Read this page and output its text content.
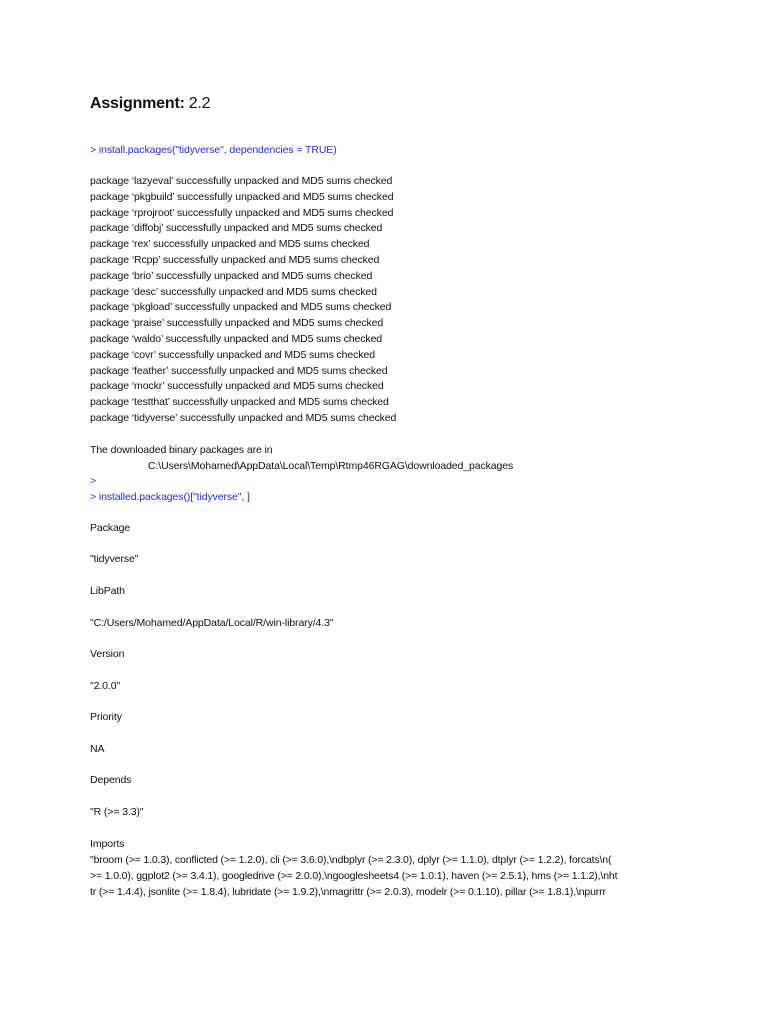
Assignment: 2.2
> install.packages("tidyverse", dependencies = TRUE)
package ‘lazyeval’ successfully unpacked and MD5 sums checked
package ‘pkgbuild’ successfully unpacked and MD5 sums checked
package ‘rprojroot’ successfully unpacked and MD5 sums checked
package ‘diffobj’ successfully unpacked and MD5 sums checked
package ‘rex’ successfully unpacked and MD5 sums checked
package ‘Rcpp’ successfully unpacked and MD5 sums checked
package ‘brio’ successfully unpacked and MD5 sums checked
package ‘desc’ successfully unpacked and MD5 sums checked
package ‘pkgload’ successfully unpacked and MD5 sums checked
package ‘praise’ successfully unpacked and MD5 sums checked
package ‘waldo’ successfully unpacked and MD5 sums checked
package ‘covr’ successfully unpacked and MD5 sums checked
package ‘feather’ successfully unpacked and MD5 sums checked
package ‘mockr’ successfully unpacked and MD5 sums checked
package ‘testthat’ successfully unpacked and MD5 sums checked
package ‘tidyverse’ successfully unpacked and MD5 sums checked
The downloaded binary packages are in
C:\Users\Mohamed\AppData\Local\Temp\Rtmp46RGAG\downloaded_packages
>
> installed.packages()["tidyverse", ]
Package
"tidyverse"
LibPath
"C:/Users/Mohamed/AppData/Local/R/win-library/4.3"
Version
"2.0.0"
Priority
NA
Depends
"R (>= 3.3)"
Imports
"broom (>= 1.0.3), conflicted (>= 1.2.0), cli (>= 3.6.0),\ndbplyr (>= 2.3.0), dplyr (>= 1.1.0), dtplyr (>= 1.2.2), forcats\n(
>= 1.0.0), ggplot2 (>= 3.4.1), googledrive (>= 2.0.0),\ngooglesheets4 (>= 1.0.1), haven (>= 2.5.1), hms (>= 1.1.2),\nht
tr (>= 1.4.4), jsonlite (>= 1.8.4), lubridate (>= 1.9.2),\nmagrittr (>= 2.0.3), modelr (>= 0.1.10), pillar (>= 1.8.1),\npurrr
